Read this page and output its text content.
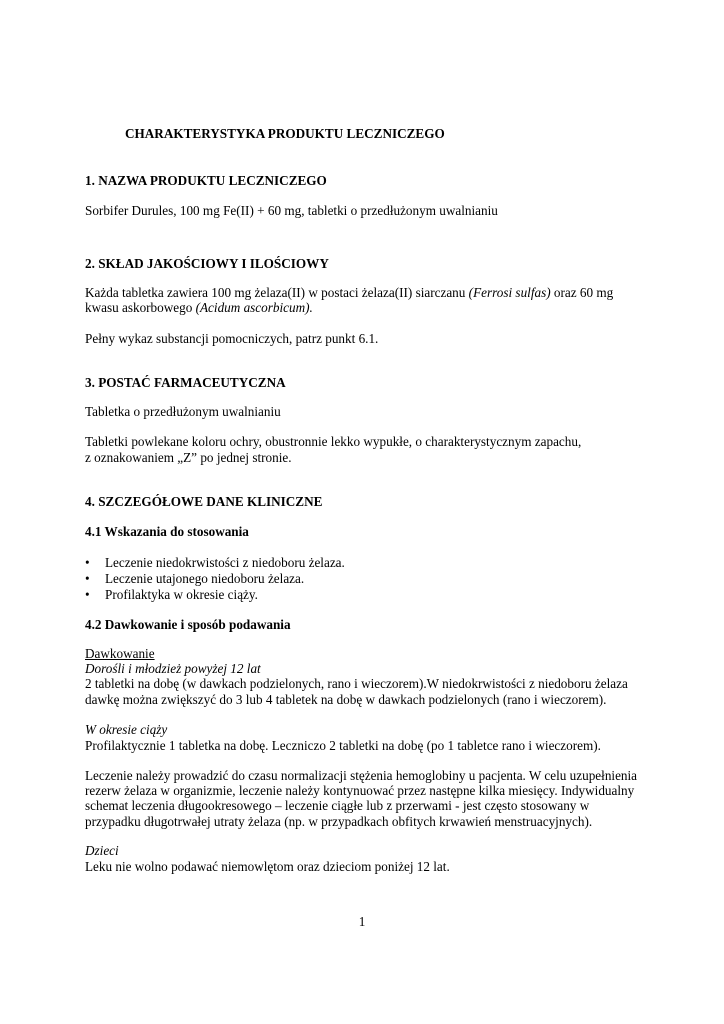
CHARAKTERYSTYKA PRODUKTU LECZNICZEGO
1. NAZWA PRODUKTU LECZNICZEGO
Sorbifer Durules, 100 mg Fe(II) + 60 mg, tabletki o przedłużonym uwalnianiu
2. SKŁAD JAKOŚCIOWY I ILOŚCIOWY
Każda tabletka zawiera 100 mg żelaza(II) w postaci żelaza(II) siarczanu (Ferrosi sulfas) oraz 60 mg
kwasu askorbowego (Acidum ascorbicum).
Pełny wykaz substancji pomocniczych, patrz punkt 6.1.
3. POSTAĆ FARMACEUTYCZNA
Tabletka o przedłużonym uwalnianiu
Tabletki powlekane koloru ochry, obustronnie lekko wypukłe, o charakterystycznym zapachu,
z oznakowaniem „Z” po jednej stronie.
4. SZCZEGÓŁOWE DANE KLINICZNE
4.1 Wskazania do stosowania
• Leczenie niedokrwistości z niedoboru żelaza.
• Leczenie utajonego niedoboru żelaza.
• Profilaktyka w okresie ciąży.
4.2 Dawkowanie i sposób podawania
Dawkowanie
Dorośli i młodzież powyżej 12 lat
2 tabletki na dobę (w dawkach podzielonych, rano i wieczorem).W niedokrwistości z niedoboru żelaza
dawkę można zwiększyć do 3 lub 4 tabletek na dobę w dawkach podzielonych (rano i wieczorem).
W okresie ciąży
Profilaktycznie 1 tabletka na dobę. Leczniczo 2 tabletki na dobę (po 1 tabletce rano i wieczorem).
Leczenie należy prowadzić do czasu normalizacji stężenia hemoglobiny u pacjenta. W celu uzupełnienia
rezerw żelaza w organizmie, leczenie należy kontynuować przez następne kilka miesięcy. Indywidualny
schemat leczenia długookresowego – leczenie ciągłe lub z przerwami - jest często stosowany w
przypadku długotrwałej utraty żelaza (np. w przypadkach obfitych krwawień menstruacyjnych).
Dzieci
Leku nie wolno podawać niemowlętom oraz dzieciom poniżej 12 lat.
1
